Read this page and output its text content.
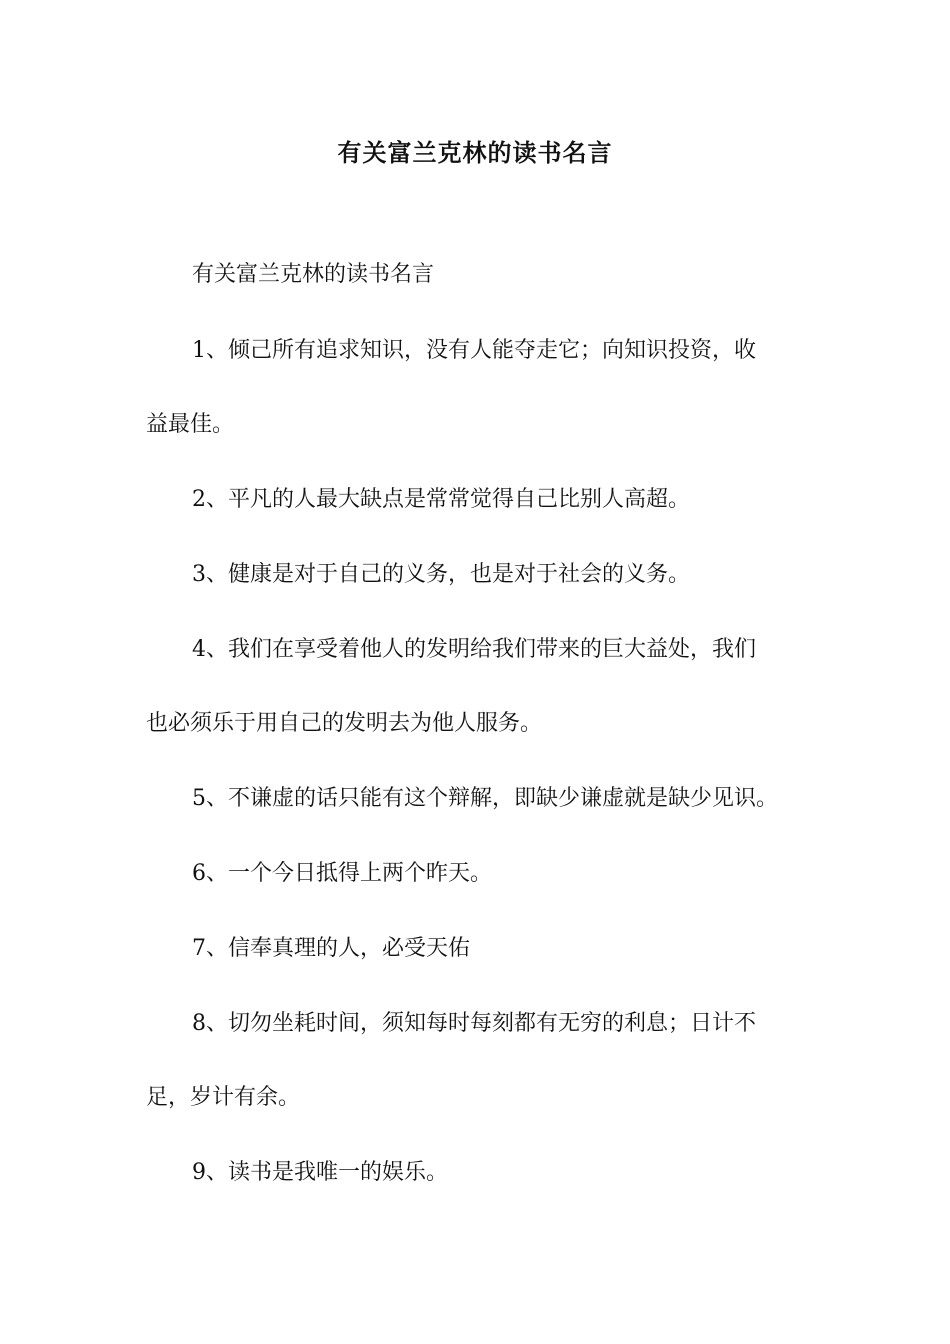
有关富兰克林的读书名言
有关富兰克林的读书名言
1、倾己所有追求知识，没有人能夺走它；向知识投资，收
益最佳。
2、平凡的人最大缺点是常常觉得自己比别人高超。
3、健康是对于自己的义务，也是对于社会的义务。
4、我们在享受着他人的发明给我们带来的巨大益处，我们
也必须乐于用自己的发明去为他人服务。
5、不谦虚的话只能有这个辩解，即缺少谦虚就是缺少见识。
6、一个今日抵得上两个昨天。
7、信奉真理的人，必受天佑
8、切勿坐耗时间，须知每时每刻都有无穷的利息；日计不
足，岁计有余。
9、读书是我唯一的娱乐。
